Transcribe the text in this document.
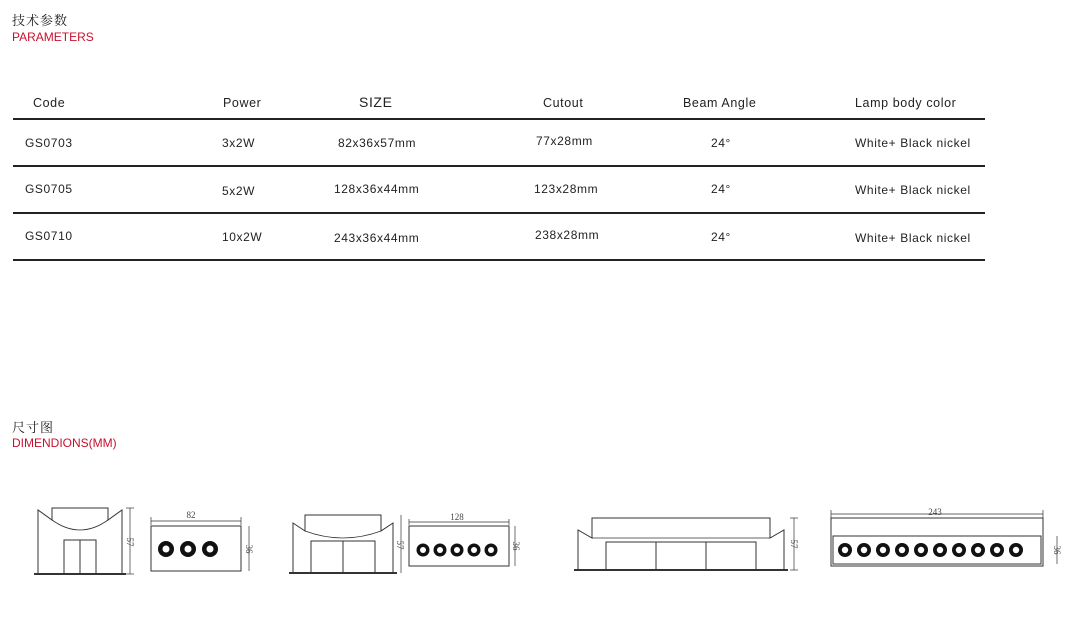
技术参数
PARAMETERS
Code	Power	SIZE	Cutout	Beam Angle	Lamp body color
GS0703	3x2W	82x36x57mm	77x28mm	24°	White+ Black nickel
GS0705	5x2W	128x36x44mm	123x28mm	24°	White+ Black nickel
GS0710	10x2W	243x36x44mm	238x28mm	24°	White+ Black nickel
尺寸图
DIMENDIONS(MM)
57
82
36	57
128
36	57
243
36
